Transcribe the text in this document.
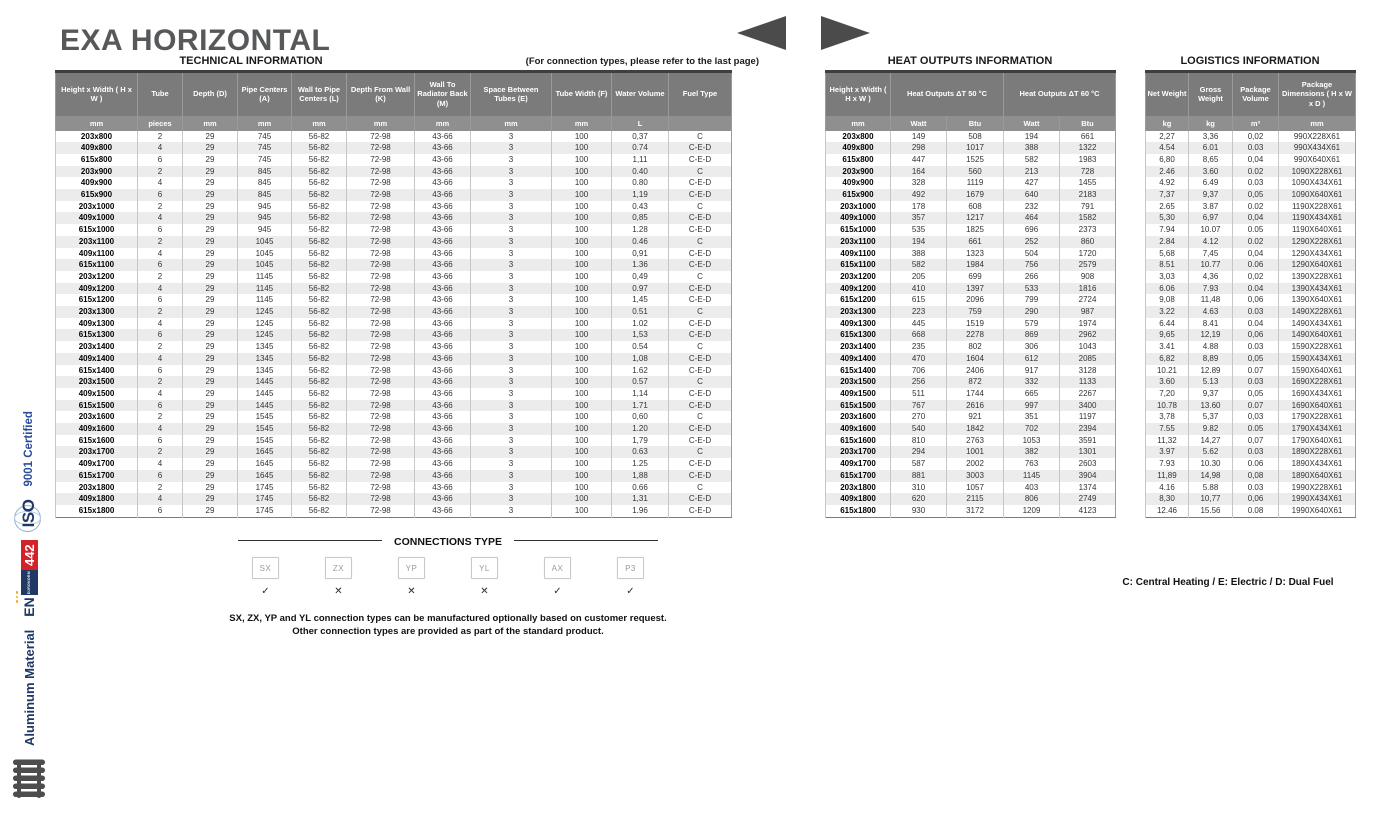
EXA HORIZONTAL
TECHNICAL INFORMATION	(For connection types, please refer to the last page)
Height x Width ( H x W )	Tube	Depth (D)	Pipe Centers (A)	Wall to Pipe Centers (L)	Depth From Wall (K)	Wall To Radiator Back (M)	Space Between Tubes (E)	Tube Width (F)	Water Volume	Fuel Type
mm	pieces	mm	mm	mm	mm	mm	mm	mm	L	
203x800	2	29	745	56-82	72-98	43-66	3	100	0,37	C
409x800	4	29	745	56-82	72-98	43-66	3	100	0.74	C-E-D
615x800	6	29	745	56-82	72-98	43-66	3	100	1,11	C-E-D
203x900	2	29	845	56-82	72-98	43-66	3	100	0.40	C
409x900	4	29	845	56-82	72-98	43-66	3	100	0.80	C-E-D
615x900	6	29	845	56-82	72-98	43-66	3	100	1,19	C-E-D
203x1000	2	29	945	56-82	72-98	43-66	3	100	0.43	C
409x1000	4	29	945	56-82	72-98	43-66	3	100	0,85	C-E-D
615x1000	6	29	945	56-82	72-98	43-66	3	100	1.28	C-E-D
203x1100	2	29	1045	56-82	72-98	43-66	3	100	0.46	C
409x1100	4	29	1045	56-82	72-98	43-66	3	100	0,91	C-E-D
615x1100	6	29	1045	56-82	72-98	43-66	3	100	1.36	C-E-D
203x1200	2	29	1145	56-82	72-98	43-66	3	100	0,49	C
409x1200	4	29	1145	56-82	72-98	43-66	3	100	0.97	C-E-D
615x1200	6	29	1145	56-82	72-98	43-66	3	100	1,45	C-E-D
203x1300	2	29	1245	56-82	72-98	43-66	3	100	0.51	C
409x1300	4	29	1245	56-82	72-98	43-66	3	100	1.02	C-E-D
615x1300	6	29	1245	56-82	72-98	43-66	3	100	1,53	C-E-D
203x1400	2	29	1345	56-82	72-98	43-66	3	100	0.54	C
409x1400	4	29	1345	56-82	72-98	43-66	3	100	1,08	C-E-D
615x1400	6	29	1345	56-82	72-98	43-66	3	100	1.62	C-E-D
203x1500	2	29	1445	56-82	72-98	43-66	3	100	0.57	C
409x1500	4	29	1445	56-82	72-98	43-66	3	100	1,14	C-E-D
615x1500	6	29	1445	56-82	72-98	43-66	3	100	1.71	C-E-D
203x1600	2	29	1545	56-82	72-98	43-66	3	100	0,60	C
409x1600	4	29	1545	56-82	72-98	43-66	3	100	1.20	C-E-D
615x1600	6	29	1545	56-82	72-98	43-66	3	100	1,79	C-E-D
203x1700	2	29	1645	56-82	72-98	43-66	3	100	0.63	C
409x1700	4	29	1645	56-82	72-98	43-66	3	100	1.25	C-E-D
615x1700	6	29	1645	56-82	72-98	43-66	3	100	1,88	C-E-D
203x1800	2	29	1745	56-82	72-98	43-66	3	100	0.66	C
409x1800	4	29	1745	56-82	72-98	43-66	3	100	1,31	C-E-D
615x1800	6	29	1745	56-82	72-98	43-66	3	100	1.96	C-E-D
HEAT OUTPUTS INFORMATION
Height x Width ( H x W )	Heat Outputs ΔT 50 °C		Heat Outputs ΔT 60 °C	
mm	Watt	Btu	Watt	Btu
203x800	149	508	194	661
409x800	298	1017	388	1322
615x800	447	1525	582	1983
203x900	164	560	213	728
409x900	328	1119	427	1455
615x900	492	1679	640	2183
203x1000	178	608	232	791
409x1000	357	1217	464	1582
615x1000	535	1825	696	2373
203x1100	194	661	252	860
409x1100	388	1323	504	1720
615x1100	582	1984	756	2579
203x1200	205	699	266	908
409x1200	410	1397	533	1816
615x1200	615	2096	799	2724
203x1300	223	759	290	987
409x1300	445	1519	579	1974
615x1300	668	2278	869	2962
203x1400	235	802	306	1043
409x1400	470	1604	612	2085
615x1400	706	2406	917	3128
203x1500	256	872	332	1133
409x1500	511	1744	665	2267
615x1500	767	2616	997	3400
203x1600	270	921	351	1197
409x1600	540	1842	702	2394
615x1600	810	2763	1053	3591
203x1700	294	1001	382	1301
409x1700	587	2002	763	2603
615x1700	881	3003	1145	3904
203x1800	310	1057	403	1374
409x1800	620	2115	806	2749
615x1800	930	3172	1209	4123
LOGISTICS INFORMATION
Net Weight	Gross Weight	Package Volume	Package Dimensions ( H x W x D )
kg	kg	m³	mm
2,27	3,36	0,02	990X228X61
4.54	6.01	0.03	990X434X61
6,80	8,65	0,04	990X640X61
2.46	3.60	0.02	1090X228X61
4.92	6.49	0.03	1090X434X61
7,37	9,37	0,05	1090X640X61
2.65	3.87	0.02	1190X228X61
5,30	6,97	0,04	1190X434X61
7.94	10.07	0.05	1190X640X61
2.84	4.12	0.02	1290X228X61
5,68	7,45	0,04	1290X434X61
8.51	10.77	0.06	1290X640X61
3,03	4,36	0,02	1390X228X61
6.06	7.93	0.04	1390X434X61
9,08	11,48	0,06	1390X640X61
3.22	4.63	0.03	1490X228X61
6.44	8.41	0.04	1490X434X61
9,65	12,19	0,06	1490X640X61
3.41	4.88	0.03	1590X228X61
6,82	8,89	0,05	1590X434X61
10.21	12.89	0.07	1590X640X61
3.60	5.13	0.03	1690X228X61
7,20	9,37	0,05	1690X434X61
10.78	13.60	0.07	1690X640X61
3,78	5,37	0,03	1790X228X61
7.55	9.82	0.05	1790X434X61
11,32	14,27	0,07	1790X640X61
3.97	5.62	0.03	1890X228X61
7.93	10.30	0.06	1890X434X61
11,89	14,98	0,08	1890X640X61
4.16	5.88	0.03	1990X228X61
8,30	10,77	0,06	1990X434X61
12.46	15.56	0.08	1990X640X61
CONNECTIONS TYPE
SX
✓
ZX
✕
YP
✕
YL
✕
AX
✓
P3
✓
SX, ZX, YP and YL connection types can be manufactured optionally based on customer request.
Other connection types are provided as part of the standard product.
C: Central Heating / E: Electric / D: Dual Fuel
Aluminum Material
EN
EURONORM
442
ISO
9001 Certified
